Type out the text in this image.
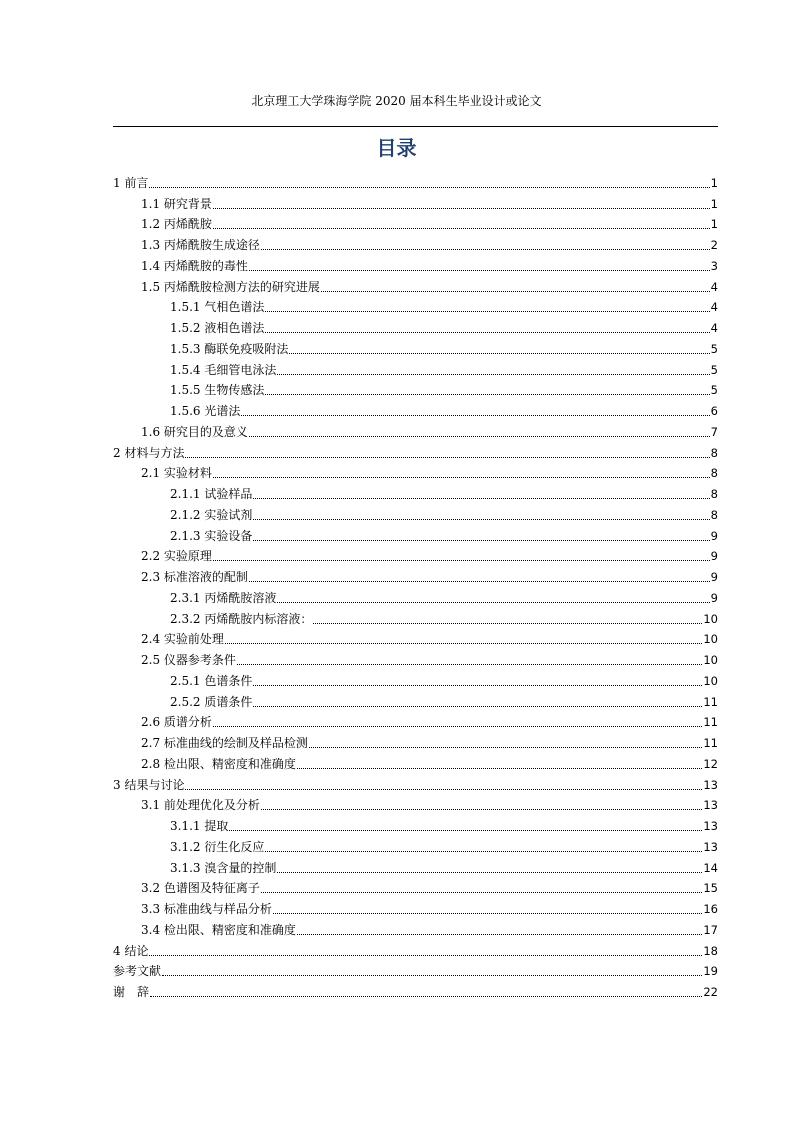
北京理工大学珠海学院 2020 届本科生毕业设计或论文
目录
1 前言	1
1.1 研究背景	1
1.2 丙烯酰胺	1
1.3 丙烯酰胺生成途径	2
1.4 丙烯酰胺的毒性	3
1.5 丙烯酰胺检测方法的研究进展	4
1.5.1 气相色谱法	4
1.5.2 液相色谱法	4
1.5.3 酶联免疫吸附法	5
1.5.4 毛细管电泳法	5
1.5.5 生物传感法	5
1.5.6 光谱法	6
1.6 研究目的及意义	7
2 材料与方法	8
2.1 实验材料	8
2.1.1 试验样品	8
2.1.2 实验试剂	8
2.1.3 实验设备	9
2.2 实验原理	9
2.3 标准溶液的配制	9
2.3.1 丙烯酰胺溶液	9
2.3.2 丙烯酰胺内标溶液：	10
2.4 实验前处理	10
2.5 仪器参考条件	10
2.5.1 色谱条件	10
2.5.2 质谱条件	11
2.6 质谱分析	11
2.7 标准曲线的绘制及样品检测	11
2.8 检出限、精密度和准确度	12
3 结果与讨论	13
3.1 前处理优化及分析	13
3.1.1 提取	13
3.1.2 衍生化反应	13
3.1.3 溴含量的控制	14
3.2 色谱图及特征离子	15
3.3 标准曲线与样品分析	16
3.4 检出限、精密度和准确度	17
4 结论	18
参考文献	19
谢　辞	22
